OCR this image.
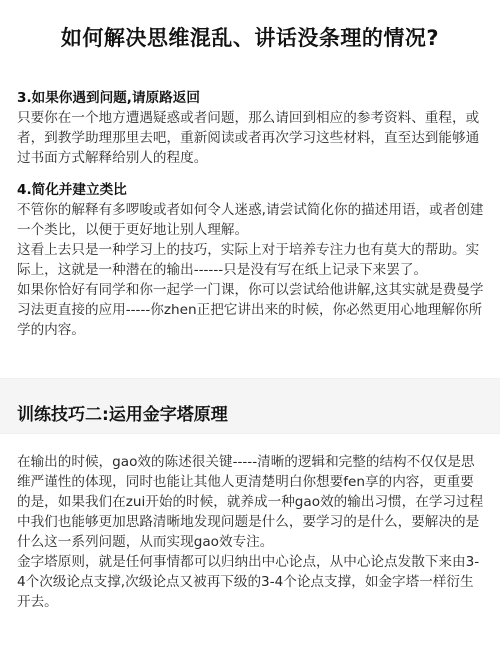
如何解决思维混乱、讲话没条理的情况?
3.如果你遇到问题,请原路返回

只要你在一个地方遭遇疑惑或者问题，那么请回到相应的参考资料、重程，或者，到教学助理那里去吧，重新阅读或者再次学习这些材料，直至达到能够通过书面方式解释给别人的程度。

4.简化并建立类比

不管你的解释有多啰唆或者如何令人迷惑,请尝试简化你的描述用语，或者创建一个类比，以便于更好地让别人理解。

这看上去只是一种学习上的技巧，实际上对于培养专注力也有莫大的帮助。实际上，这就是一种潜在的输出------只是没有写在纸上记录下来罢了。

如果你恰好有同学和你一起学一门课，你可以尝试给他讲解,这其实就是费曼学习法更直接的应用-----你zhen正把它讲出来的时候，你必然更用心地理解你所学的内容。

训练技巧二:运用金字塔原理

在输出的时候，gao效的陈述很关键-----清晰的逻辑和完整的结构不仅仅是思维严谨性的体现，同时也能让其他人更清楚明白你想要fen享的内容，更重要的是，如果我们在zui开始的时候，就养成一种gao效的输出习惯，在学习过程中我们也能够更加思路清晰地发现问题是什么，要学习的是什么，要解决的是什么这一系列问题，从而实现gao效专注。

金字塔原则，就是任何事情都可以归纳出中心论点，从中心论点发散下来由3-4个次级论点支撑,次级论点又被再下级的3-4个论点支撑，如金字塔一样衍生开去。
